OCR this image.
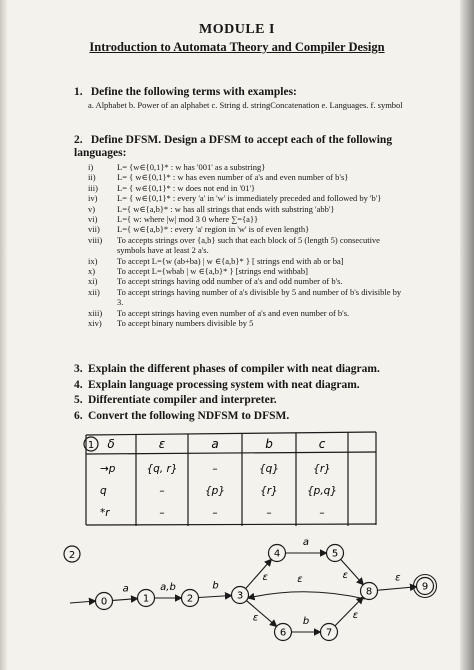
MODULE I
Introduction to Automata Theory and Compiler Design
1. Define the following terms with examples:
a. Alphabet b. Power of an alphabet c. String d. stringConcatenation e. Languages. f. symbol
2. Define DFSM. Design a DFSM to accept each of the following languages:
i)	L= {w∈{0,1}* : w has '001' as a substring}
ii)	L= { w∈{0,1}* : w has even number of a's and even number of b's}
iii)	L= { w∈{0,1}* : w does not end in '01'}
iv)	L= { w∈{0,1}* : every 'a' in 'w' is immediately preceded and followed by 'b'}
v)	L={ w∈{a,b}* : w has all strings that ends with substring 'abb'}
vi)	L={ w: where |w| mod 3 0 where ∑={a}}
vii)	L={ w∈{a,b}* : every 'a' region in 'w' is of even length}
viii)	To accepts strings over {a,b} such that each block of 5 (length 5) consecutive symbols have at least 2 a's.
ix)	To accept L={w (ab+ba) | w ∈{a,b}* } [ strings end with ab or ba]
x)	To accept L={wbab | w ∈{a,b}* } [strings end withbab]
xi)	To accept strings having odd number of a's and odd number of b's.
xii)	To accept strings having number of a's divisible by 5 and number of b's divisible by 3.
xiii)	To accept strings having even number of a's and even number of b's.
xiv)	To accept binary numbers divisible by 5
3. Explain the different phases of compiler with neat diagram.
4. Explain language processing system with neat diagram.
5. Differentiate compiler and interpreter.
6. Convert the following NDFSM to DFSM.
1 δ	ε	a	b	c
→p	{q, r}	–	{q}	{r}
q	–	{p}	{r}	{p,q}
*r	–	–	–	–
2
a	a,b	b
ε
a
ε
ε	b
ε
ε
ε
0	1	2	3
4	5
6	7
8	9
